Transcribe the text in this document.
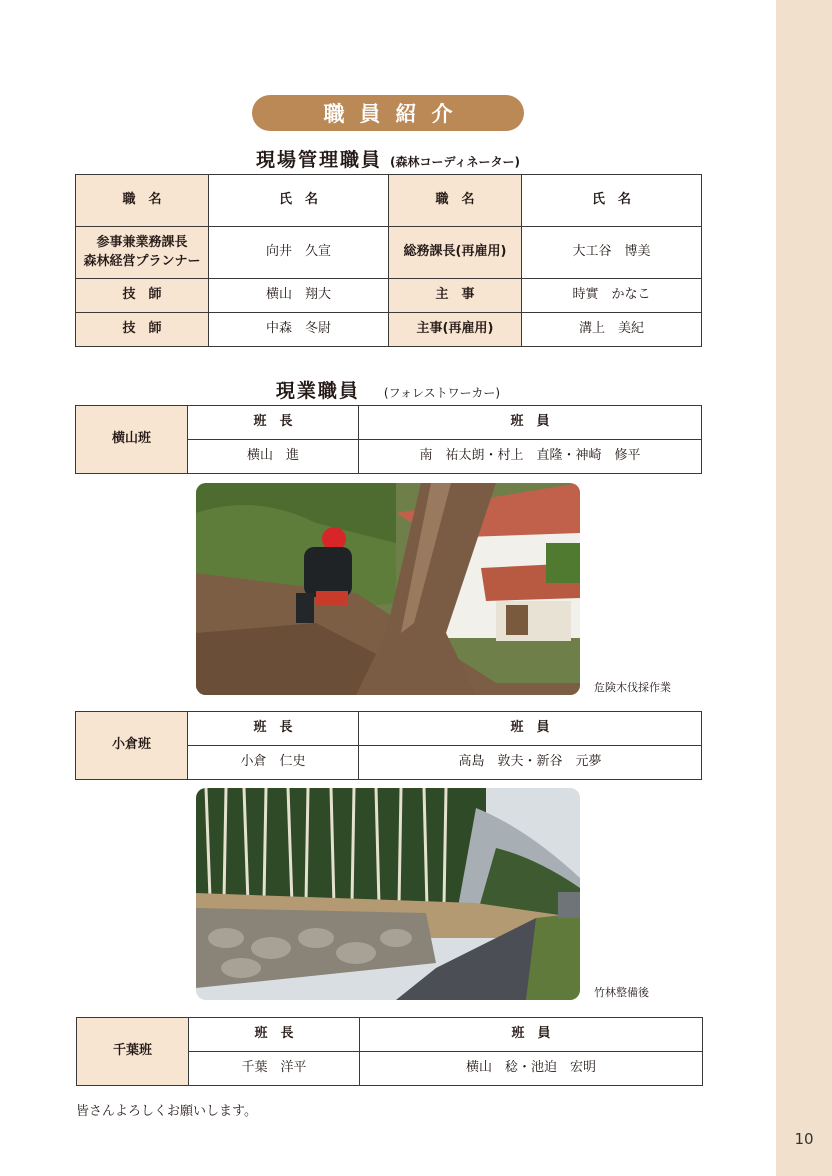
10
職員紹介
現場管理職員 (森林コーディネーター)
職　名	氏　名	職　名	氏　名

参事兼業務課長
森林経営プランナー	向井　久宣	総務課長(再雇用)	大工谷　博美
技　師	横山　翔大	主　事	時實　かなこ
技　師	中森　冬尉	主事(再雇用)	溝上　美紀
現業職員 (フォレストワーカー)
横山班	班　長	班　員
	横山　進	南　祐太朗・村上　直隆・神崎　修平
危険木伐採作業
小倉班	班　長	班　員
	小倉　仁史	高島　敦夫・新谷　元夢
竹林整備後
千葉班	班　長	班　員
	千葉　洋平	横山　稔・池迫　宏明
皆さんよろしくお願いします。
